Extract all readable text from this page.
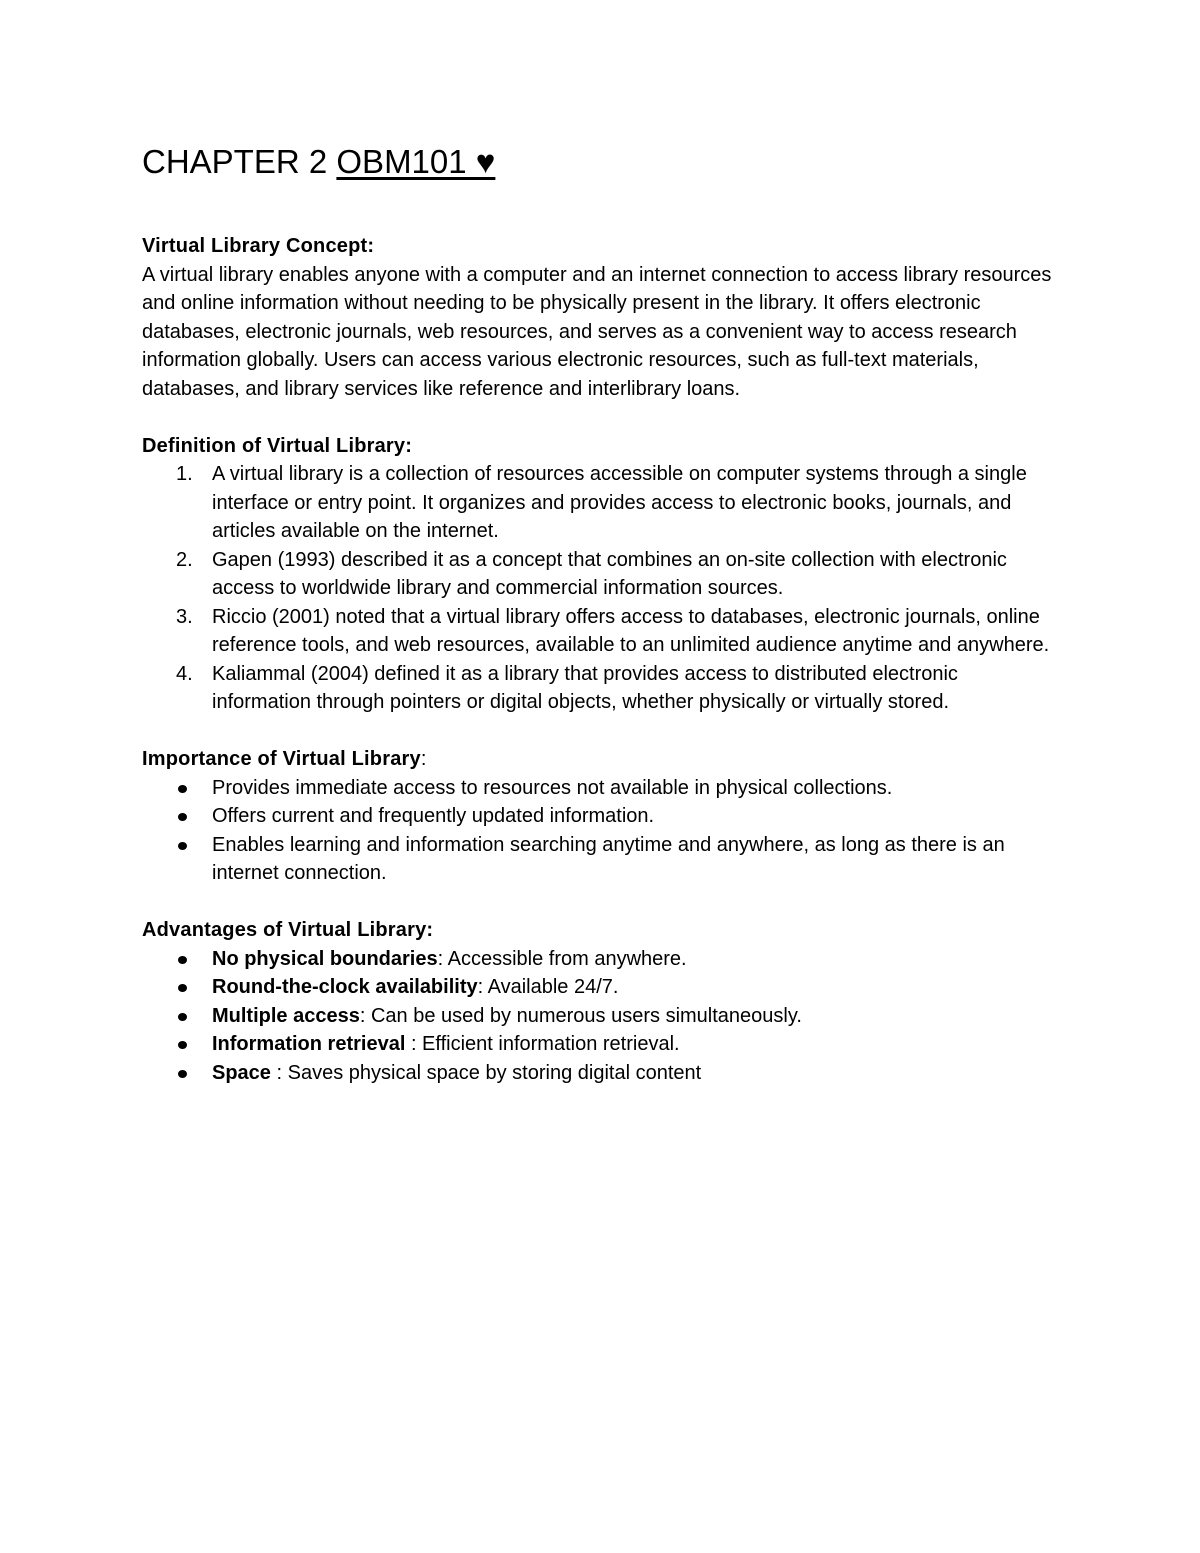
CHAPTER 2 OBM101 ♥
Virtual Library Concept:
A virtual library enables anyone with a computer and an internet connection to access library resources and online information without needing to be physically present in the library. It offers electronic databases, electronic journals, web resources, and serves as a convenient way to access research information globally. Users can access various electronic resources, such as full-text materials, databases, and library services like reference and interlibrary loans.
Definition of Virtual Library:
1. A virtual library is a collection of resources accessible on computer systems through a single interface or entry point. It organizes and provides access to electronic books, journals, and articles available on the internet.
2. Gapen (1993) described it as a concept that combines an on-site collection with electronic access to worldwide library and commercial information sources.
3. Riccio (2001) noted that a virtual library offers access to databases, electronic journals, online reference tools, and web resources, available to an unlimited audience anytime and anywhere.
4. Kaliammal (2004) defined it as a library that provides access to distributed electronic information through pointers or digital objects, whether physically or virtually stored.
Importance of Virtual Library:
Provides immediate access to resources not available in physical collections.
Offers current and frequently updated information.
Enables learning and information searching anytime and anywhere, as long as there is an internet connection.
Advantages of Virtual Library:
No physical boundaries: Accessible from anywhere.
Round-the-clock availability: Available 24/7.
Multiple access: Can be used by numerous users simultaneously.
Information retrieval : Efficient information retrieval.
Space : Saves physical space by storing digital content
